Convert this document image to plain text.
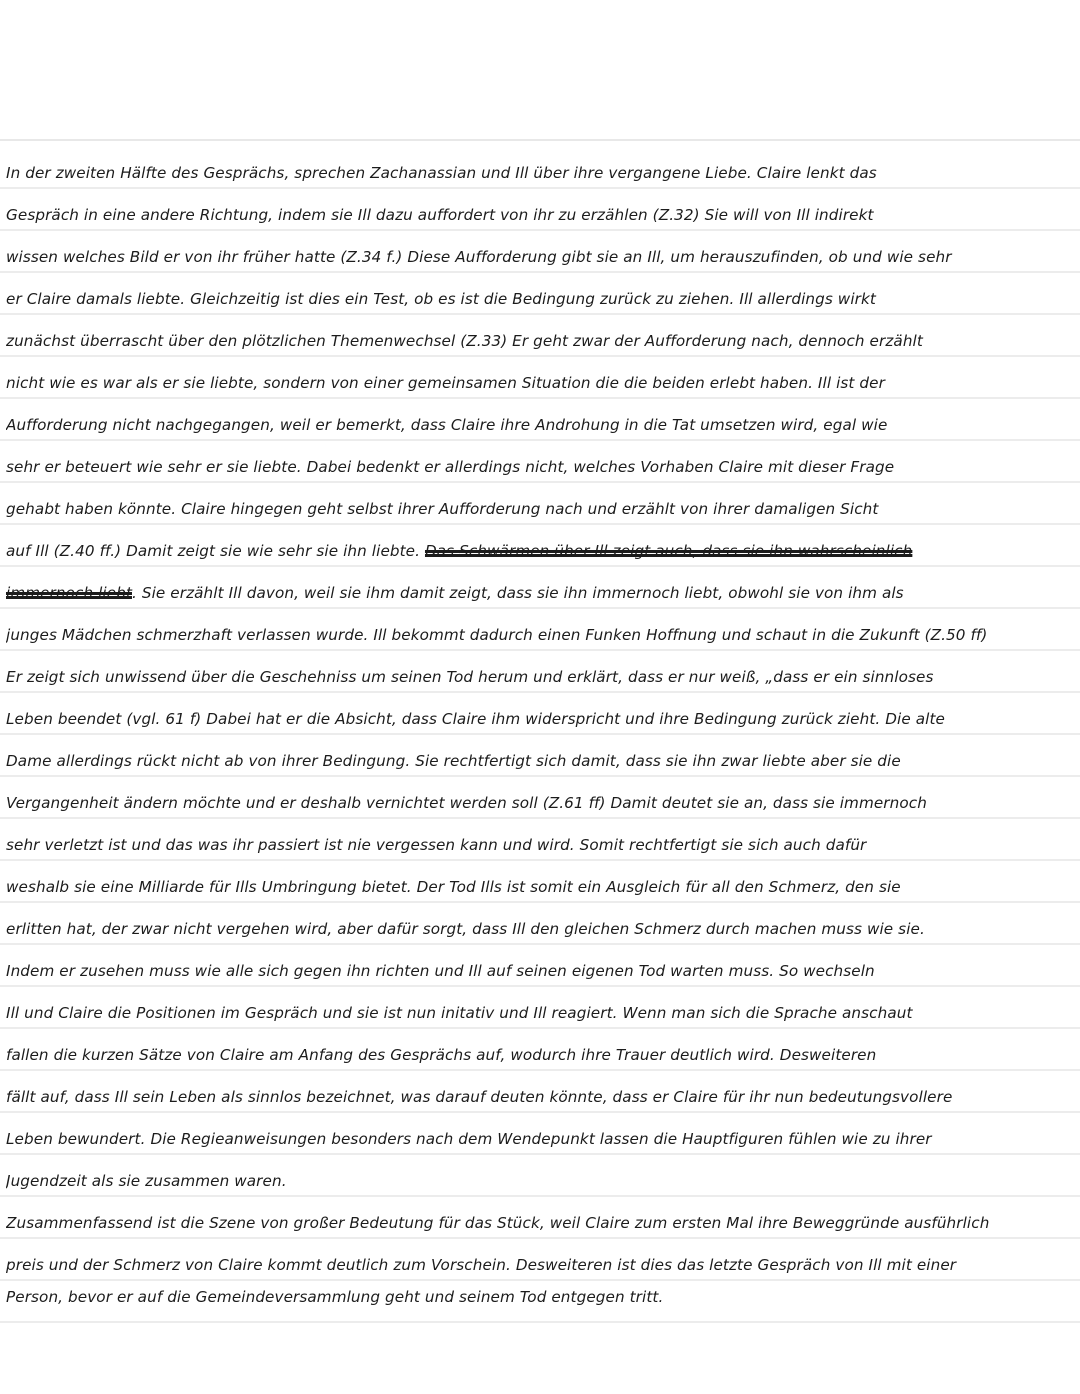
In der zweiten Hälfte des Gesprächs, sprechen Zachanassian und Ill über ihre vergangene Liebe. Claire lenkt das
Gespräch in eine andere Richtung, indem sie Ill dazu auffordert von ihr zu erzählen (Z.32) Sie will von Ill indirekt
wissen welches Bild er von ihr früher hatte (Z.34 f.) Diese Aufforderung gibt sie an Ill, um herauszufinden, ob und wie sehr
er Claire damals liebte. Gleichzeitig ist dies ein Test, ob es ist die Bedingung zurück zu ziehen. Ill allerdings wirkt
zunächst überrascht über den plötzlichen Themenwechsel (Z.33) Er geht zwar der Aufforderung nach, dennoch erzählt
nicht wie es war als er sie liebte, sondern von einer gemeinsamen Situation die die beiden erlebt haben. Ill ist der
Aufforderung nicht nachgegangen, weil er bemerkt, dass Claire ihre Androhung in die Tat umsetzen wird, egal wie
sehr er beteuert wie sehr er sie liebte. Dabei bedenkt er allerdings nicht, welches Vorhaben Claire mit dieser Frage
gehabt haben könnte. Claire hingegen geht selbst ihrer Aufforderung nach und erzählt von ihrer damaligen Sicht
auf Ill (Z.40 ff.) Damit zeigt sie wie sehr sie ihn liebte. Das Schwärmen über Ill zeigt auch, dass sie ihn wahrscheinlich
immernoch liebt. Sie erzählt Ill davon, weil sie ihm damit zeigt, dass sie ihn immernoch liebt, obwohl sie von ihm als
junges Mädchen schmerzhaft verlassen wurde. Ill bekommt dadurch einen Funken Hoffnung und schaut in die Zukunft (Z.50 ff)
Er zeigt sich unwissend über die Geschehniss um seinen Tod herum und erklärt, dass er nur weiß, „dass er ein sinnloses
Leben beendet (vgl. 61 f) Dabei hat er die Absicht, dass Claire ihm widerspricht und ihre Bedingung zurück zieht. Die alte
Dame allerdings rückt nicht ab von ihrer Bedingung. Sie rechtfertigt sich damit, dass sie ihn zwar liebte aber sie die
Vergangenheit ändern möchte und er deshalb vernichtet werden soll (Z.61 ff) Damit deutet sie an, dass sie immernoch
sehr verletzt ist und das was ihr passiert ist nie vergessen kann und wird. Somit rechtfertigt sie sich auch dafür
weshalb sie eine Milliarde für Ills Umbringung bietet. Der Tod Ills ist somit ein Ausgleich für all den Schmerz, den sie
erlitten hat, der zwar nicht vergehen wird, aber dafür sorgt, dass Ill den gleichen Schmerz durch machen muss wie sie.
Indem er zusehen muss wie alle sich gegen ihn richten und Ill auf seinen eigenen Tod warten muss. So wechseln
Ill und Claire die Positionen im Gespräch und sie ist nun initativ und Ill reagiert. Wenn man sich die Sprache anschaut
fallen die kurzen Sätze von Claire am Anfang des Gesprächs auf, wodurch ihre Trauer deutlich wird. Desweiteren
fällt auf, dass Ill sein Leben als sinnlos bezeichnet, was darauf deuten könnte, dass er Claire für ihr nun bedeutungsvollere
Leben bewundert. Die Regieanweisungen besonders nach dem Wendepunkt lassen die Hauptfiguren fühlen wie zu ihrer
Jugendzeit als sie zusammen waren.
Zusammenfassend ist die Szene von großer Bedeutung für das Stück, weil Claire zum ersten Mal ihre Beweggründe ausführlich
preis und der Schmerz von Claire kommt deutlich zum Vorschein. Desweiteren ist dies das letzte Gespräch von Ill mit einer
Person, bevor er auf die Gemeindeversammlung geht und seinem Tod entgegen tritt.
